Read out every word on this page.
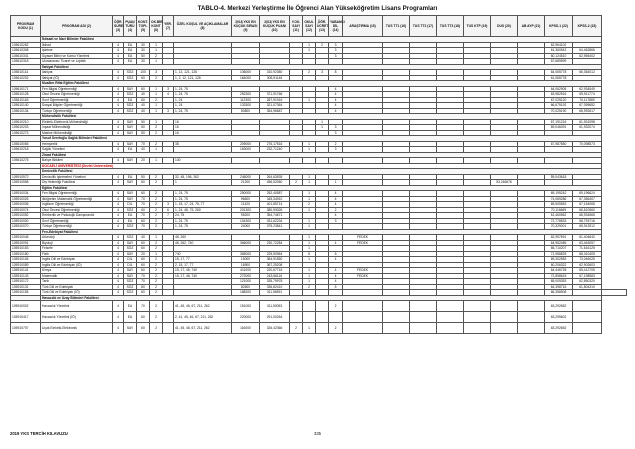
TABLO-4. Merkezi Yerleştirme İle Öğrenci Alan Yükseköğretim Lisans Programları
PROGRAM KODU (1)	PROGRAM ADI (2)	ÖĞR. SÜRE (3)	PUAN TÜRÜ (4)	KONT. TOPL (5)	OK.BİR. KONT (6)	YER. (7)	ÖZEL KOŞUL VE AÇIKLAMALAR (8)	2018 YKS EN KÜÇÜK SIRASI (9)	2018 YKS EN KÜÇÜK PUANI (10)	Y.OK. SAYI (11)	OKUL SAYI (12)	ÖĞR. ÜCRET (13)	YABANCI DİL (14)	ARAŞTIRMA (15)	TUS TT1 (16)	TUS TT2 (17)	TUS TT3 (18)	TUS KTP (19)	DUS (20)	AB AYP (21)	KPSS-1 (22)	KPSS-2 (23)	
	İktisadi ve İdari Bilimler Fakültesi																						
105610262	İktisat	4	EA	30	1						1	2	3								62,964102		
105610308	İşletme	4	EA	30	1						1		3								61,360542	64,462866	
105610341	Siyaset Bilimi ve Kamu Yönetimi	4	EA	50	2								3								60,124510	62,965402	
105610318	Uluslararası Ticaret ve Lojistik	4	EA	30	1																57,689599		
	İlahiyat Fakültesi																						
105610114	İlahiyat	4	SÖZ	100	3		1, 12, 121, 126	136000	310,92380		2	3	8								64,065778	66,364012	
105610202	İlahiyat (İÖ)	4	SÖZ	60	2		1, 2, 12, 121, 126	164000	305,91146												61,065778		
	Muallim Rifat Eğitim Fakültesi																						
105610171	Fen Bilgisi Öğretmenliği	4	SAY	60	1	3	1, 24, 75						4								64,062905	62,934549	
105610128	Okul Öncesi Öğretmenliği	4	SÖZ	40	1	4	1, 24, 75	252300	371,91766				4								63,982516	69,911774	
105610163	Sınıf Öğretmenliği	4	EA	60	2		1, 24	112300	287,91916		1		4								67,025120	70,117880	
105610140	Sosyal Bilgiler Öğretmenliği	4	SÖZ	40	1		1, 24	133300	321,07364				4								66,675192	67,399652	
105610134	Türkçe Öğretmenliği	4	SÖZ	40	1	3	1, 24, 75	50800	354,96687				4								70,025190	66,992617	
	Mühendislik Fakültesi																						
105610210	Elektrik-Elektronik Mühendisliği	4	SAY	50	1		16					1									67,191216	61,931098	
105610203	İnşaat Mühendisliği	4	SAY	50	2		16					1	3								69,046491	61,932074	
105610273	Makine Mühendisliği	4	SAY	50	2		16						3										
	Yusuf Serefoğlu Sağlık Bilimleri Fakültesi																						
105610065	Hemşirelik	4	SAY	70	2		38	209000	276,17516		1		2								67,987850	70,098573	
105610218	Sağlık Yönetimi	4	EA	40	1			163000	232,71240		1		3										
	Ziraat Fakültesi																						
105610275	Bahçe Bitkileri	4	SAY	20	1		140																
	KOCAELİ ÜNİVERSİTESİ (Devlet Üniversitesi)																						
	Denizcilik Fakültesi																						
105910572	Denizcilik İşletmeleri Yönetimi	4	EA	50	2		32, 48, 196, 262	246000	264,63535		1										59,043618		
105910558	Diş Hekimliği Fakültesi	4	SAY	60	2		1	21200	456,52060	2	1		1						53,246676				
	Eğitim Fakültesi																						
105910034	Fen Bilgisi Öğretmenliği	4	SAY	60	2		1, 24, 75	250000	252,40587		1		4								69,195242	69,196624	
105910026	İlköğretim Matematik Öğretmenliği	4	SAY	70	2		1, 24, 75	96600	345,34910		1		4								74,069286	67,356407	
105910006	İngilizce Öğretmenliği	4	DİL	70	2	3	1, 15, 17, 24, 75, 77	11420	401,55714		2		4								69,505553	67,154065	
105910074	Okul Öncesi Öğretmenliği	4	SÖZ	60	2	6	1, 24, 48, 75, 260	201300	380,93026		1		2								70,116669	66,510560	
105910052	Rehberlik ve Psikolojik Danışmanlık	4	EA	70	2	7	24, 75	95200	354,74671				4								61,460562	68,934565	
105910000	Sınıf Öğretmenliği	4	EA	60	2		1, 24, 75	104300	331,62234		1		3								72,778833	68,793716	
105910070	Türkçe Öğretmenliği	4	SÖZ	70	2		1, 24, 75	24000	375,23841		1										70,329001	65,912512	
	Fen-Edebiyat Fakültesi																						
105910046	Arkeoloji	4	SÖZ	40	1		46, 260				1			FEDEK							62,957691	61,404640	
105910091	Biyoloji	4	SAY	60	2		46, 262, 740	366000	230,72284		1		4	FEDEK							64,952485	63,463057	
105910153	Felsefe	4	SÖZ	60	2						1										65,710207	71,616125	
105910180	Fizik	4	SAY	20	1		740	365000	225,50964		5		5								71,958825	68,310405	
105910106	İngiliz Dili ve Edebiyatı	4	DİL	60	2		15, 17, 77	15000	384,91550		1		4								69,302583	73,046025	
105910089	İngiliz Dili ve Edebiyatı (İÖ)	4	DİL	60	2		2, 15, 17, 77	16900	367,25208												60,206322	62,902603	
105910141	Kimya	4	SAY	60	2		15, 17, 46, 740	411000	220,67716		1		4	FEDEK							64,446728	65,412705	
105910143	Matematik	4	SAY	70	2		15, 17, 46, 740	272000	243,66116		1		4	FEDEK							72,898615	67,198583	
105910172	Tarih	4	SÖZ	70	2			121000	335,79978		1		4								65,009353	62,850320	
105910131	Türk Dili ve Edebiyatı	4	SÖZ	80	2			82600	336,82410		2		5								64,398716	61,804310	
105910155	Türk Dili ve Edebiyatı (İÖ)	4	SÖZ	60	2			188200	311,56591												66,358508		
	Havacılık ve Uzay Bilimleri Fakültesi																						
105910002	Havacılık Yönetimi	4	EA	70	2		41, 45, 46, 67, 211, 262	151000	311,50053				2								63,292652		
105910417	Havacılık Yönetimi (İÖ)	4	EA	60	2		2, 41, 45, 46, 67, 211, 262	220000	291,00264												63,295602		
105910707	Uçak Elektrik-Elektronik	4	SAY	60	2		41, 45, 46, 67, 211, 262	116000	326,42366	2	1		2								63,292652		
2019 YKS TERCİH KILAVUZU	335
